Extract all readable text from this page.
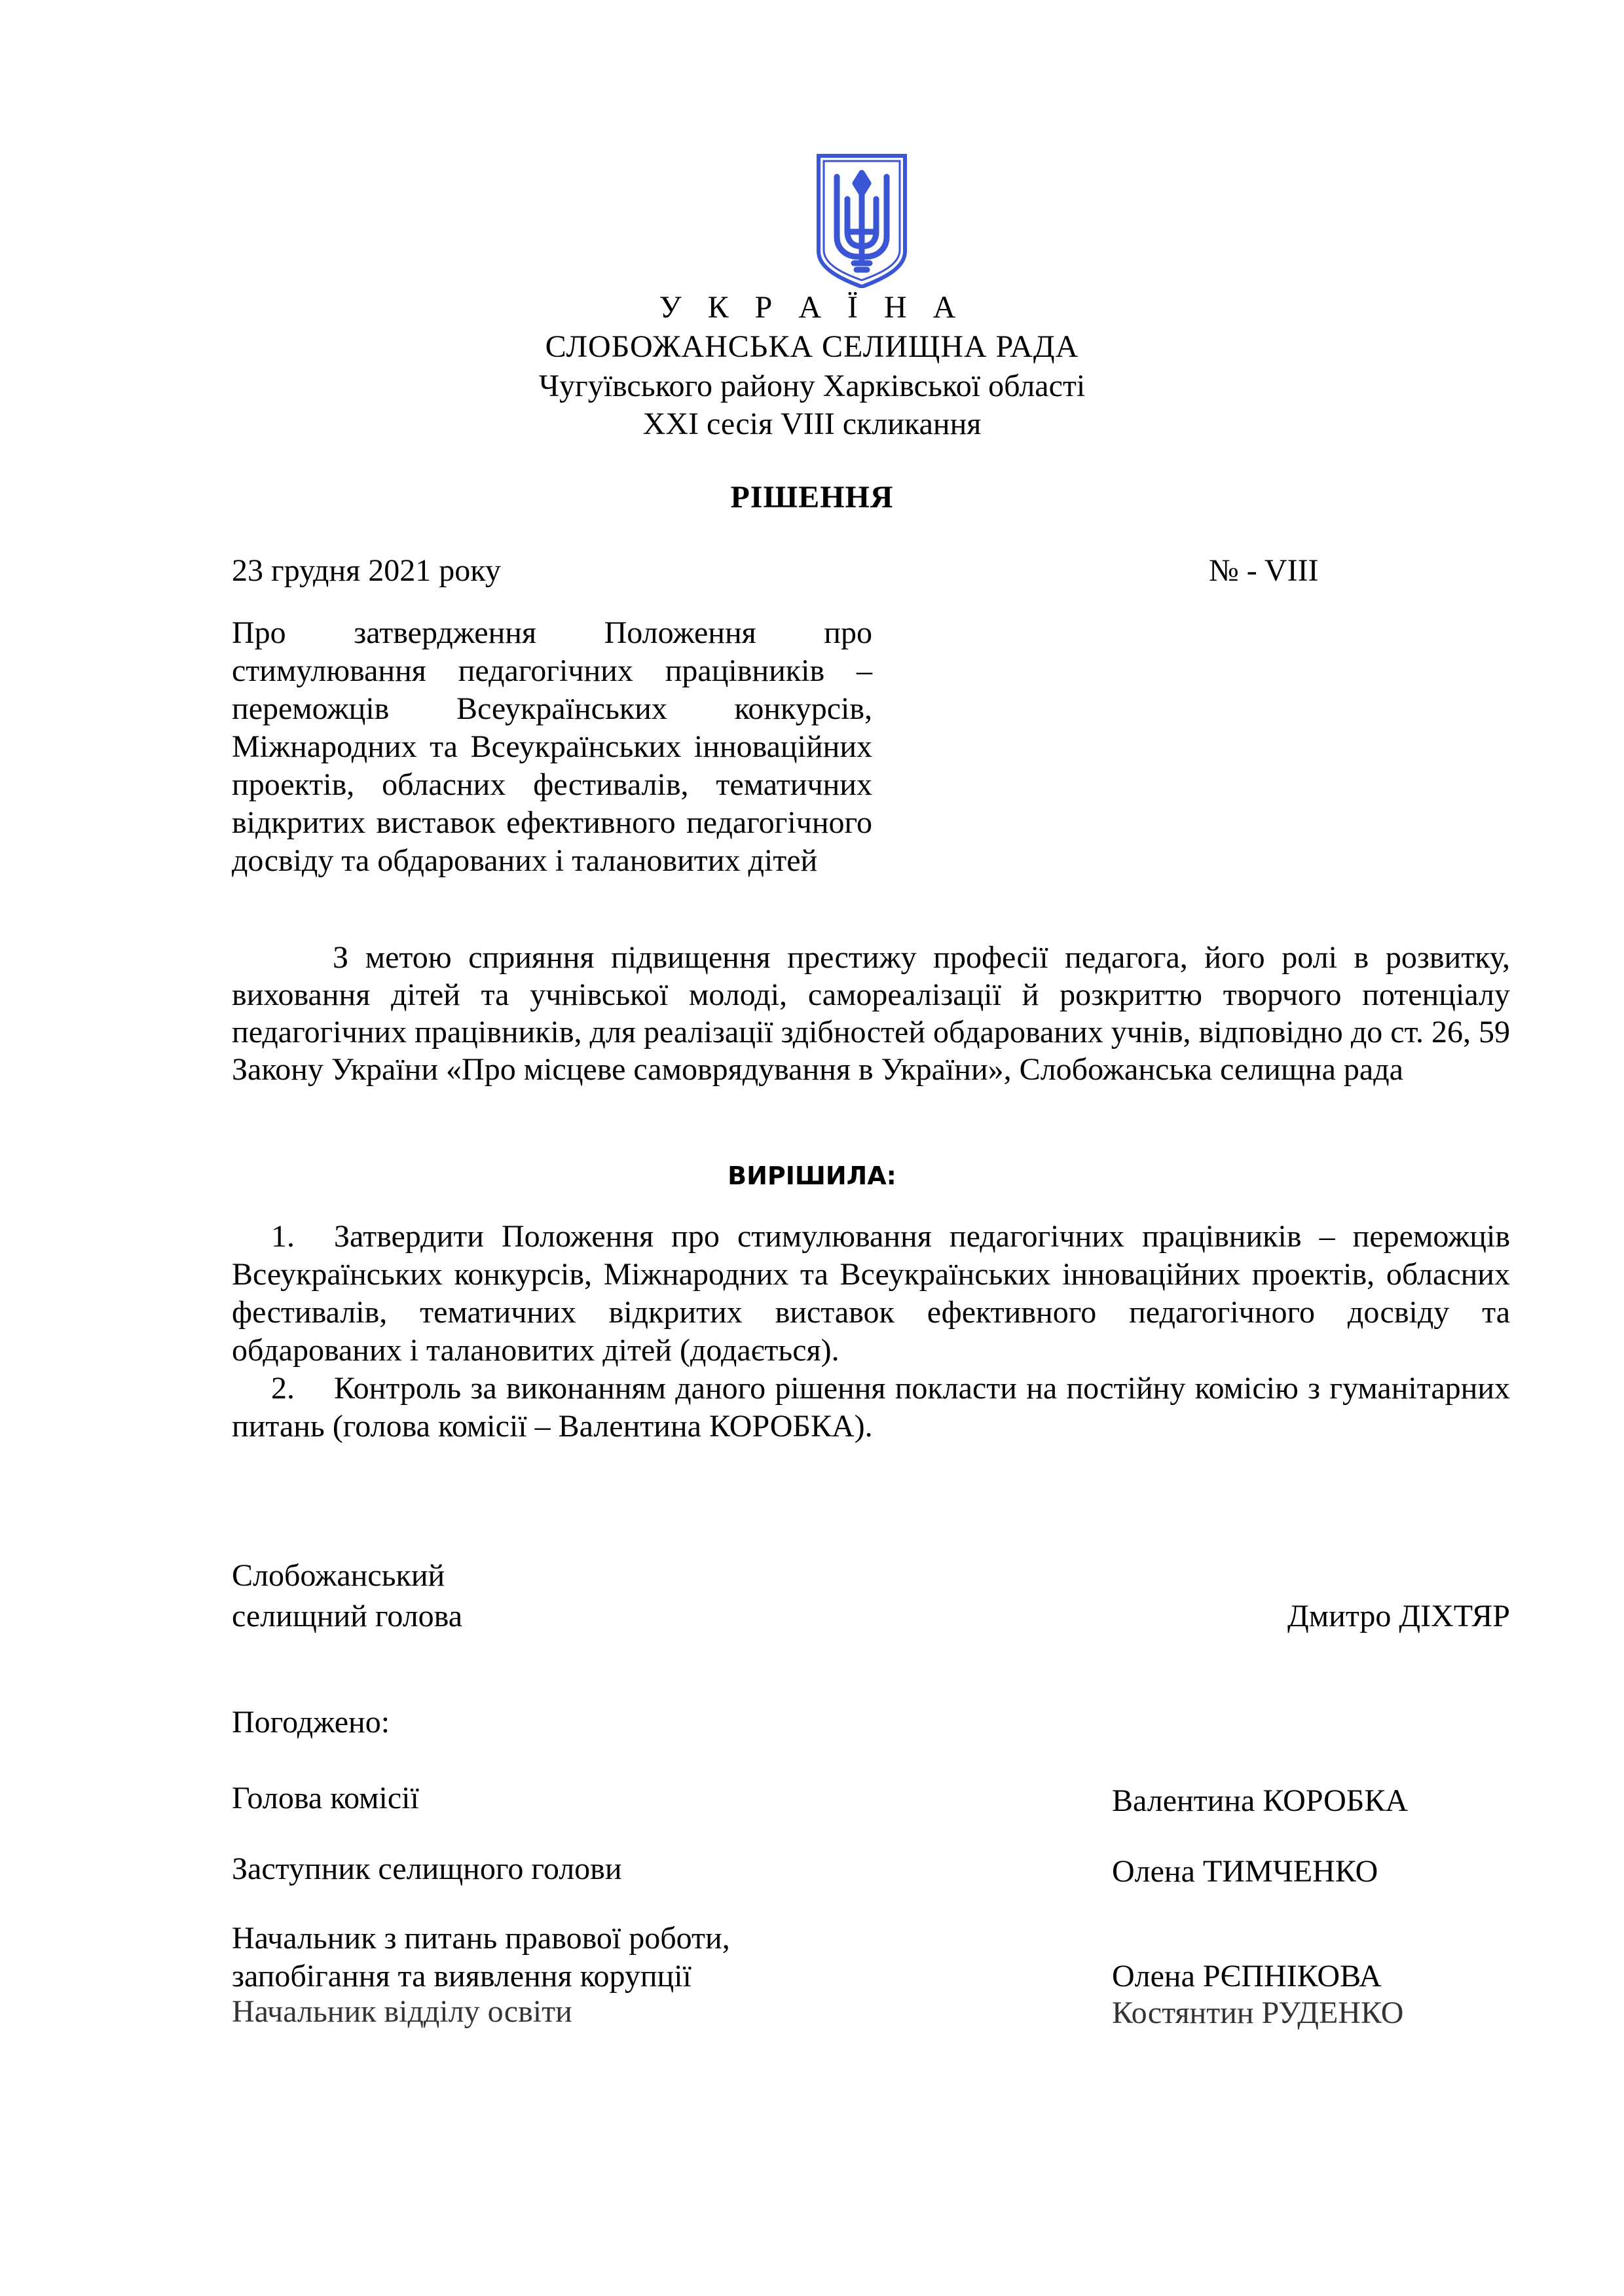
У К Р А Ї Н А
СЛОБОЖАНСЬКА СЕЛИЩНА РАДА
Чугуївського району Харківської області
XXI сесія VIII скликання
РІШЕННЯ
23 грудня 2021 року	№ - VIII
Про затвердження Положення про стимулювання педагогічних працівників – переможців Всеукраїнських конкурсів, Міжнародних та Всеукраїнських інноваційних проектів, обласних фестивалів, тематичних відкритих виставок ефективного педагогічного досвіду та обдарованих і талановитих дітей
З метою сприяння підвищення престижу професії педагога, його ролі в розвитку, виховання дітей та учнівської молоді, самореалізації й розкриттю творчого потенціалу педагогічних працівників, для реалізації здібностей обдарованих учнів, відповідно до ст. 26, 59 Закону України «Про місцеве самоврядування в України», Слобожанська селищна рада
ВИРІШИЛА:
1. Затвердити Положення про стимулювання педагогічних працівників – переможців Всеукраїнських конкурсів, Міжнародних та Всеукраїнських інноваційних проектів, обласних фестивалів, тематичних відкритих виставок ефективного педагогічного досвіду та обдарованих і талановитих дітей (додається).
2. Контроль за виконанням даного рішення покласти на постійну комісію з гуманітарних питань (голова комісії – Валентина КОРОБКА).
Слобожанський
селищний голова	Дмитро ДІХТЯР
Погоджено:
Голова комісії	Валентина КОРОБКА
Заступник селищного голови	Олена ТИМЧЕНКО
Начальник з питань правової роботи,
запобігання та виявлення корупції	Олена РЄПНІКОВА
Начальник відділу освіти	Костянтин РУДЕНКО
